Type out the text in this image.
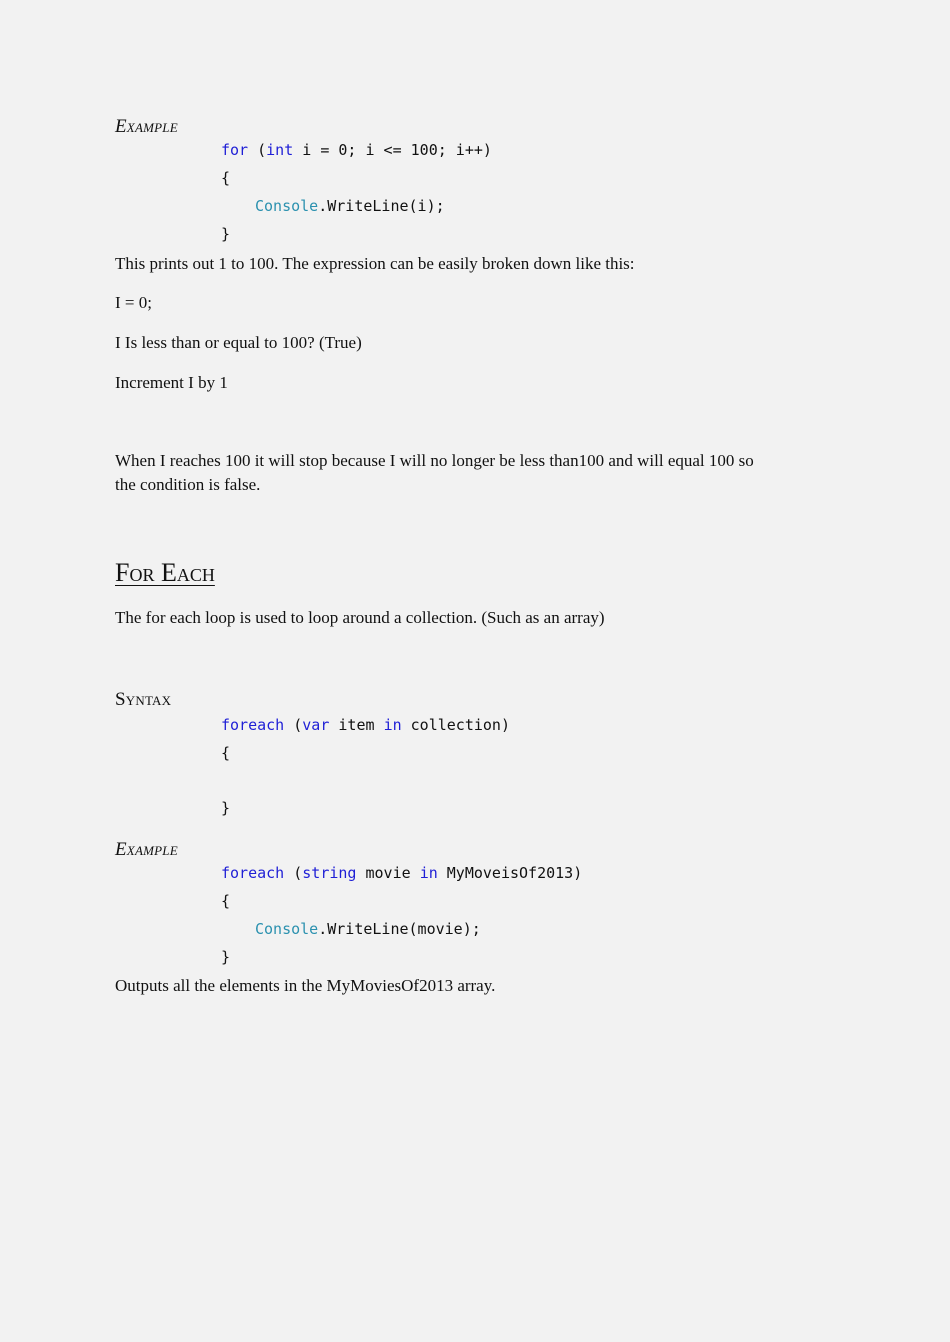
Example
for (int i = 0; i <= 100; i++)
{
Console.WriteLine(i);
}
This prints out 1 to 100. The expression can be easily broken down like this:
I = 0;
I Is less than or equal to 100? (True)
Increment I by 1
When I reaches 100 it will stop because I will no longer be less than100 and will equal 100 so
the condition is false.
For Each
The for each loop is used to loop around a collection. (Such as an array)
Syntax
foreach (var item in collection)
{
}
Example
foreach (string movie in MyMoveisOf2013)
{
Console.WriteLine(movie);
}
Outputs all the elements in the MyMoviesOf2013 array.
